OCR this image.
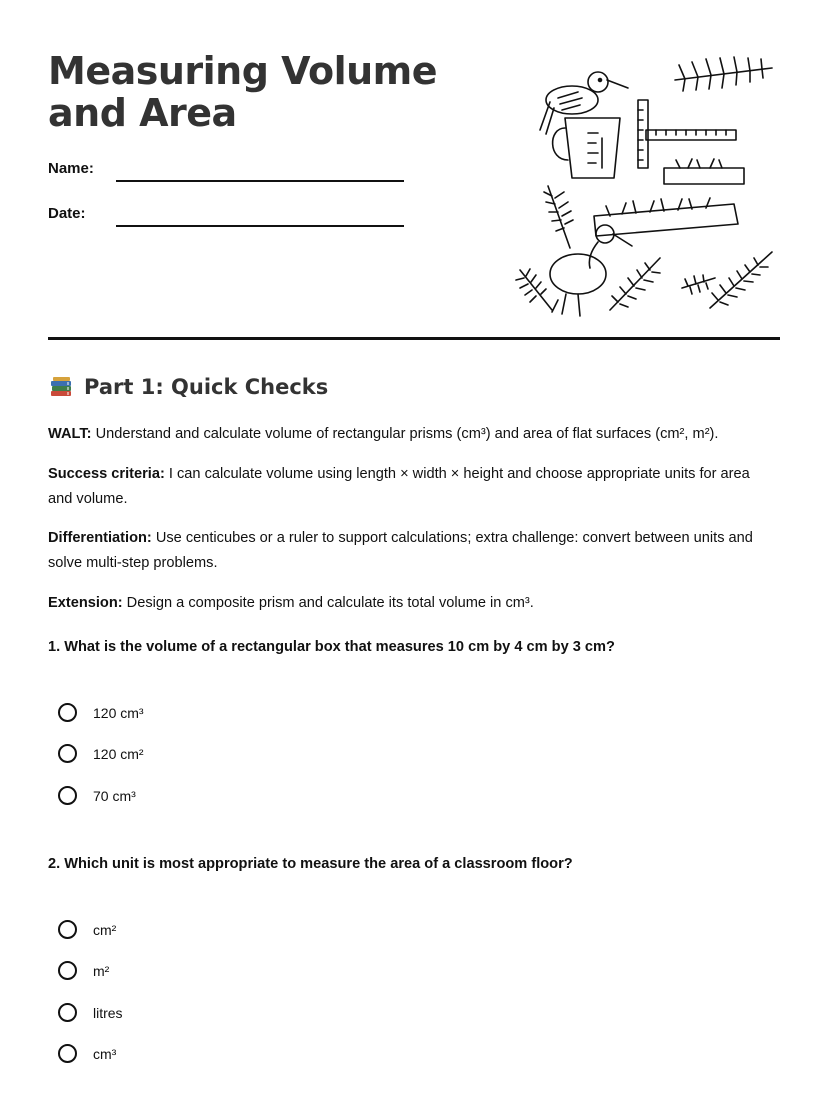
Measuring Volume and Area
Name:
Date:
Part 1: Quick Checks

WALT: Understand and calculate volume of rectangular prisms (cm³) and area of flat surfaces (cm², m²).

Success criteria: I can calculate volume using length × width × height and choose appropriate units for area and volume.

Differentiation: Use centicubes or a ruler to support calculations; extra challenge: convert between units and solve multi-step problems.

Extension: Design a composite prism and calculate its total volume in cm³.

1. What is the volume of a rectangular box that measures 10 cm by 4 cm by 3 cm?

120 cm³
120 cm²
70 cm³

2. Which unit is most appropriate to measure the area of a classroom floor?

cm²
m²
litres
cm³
